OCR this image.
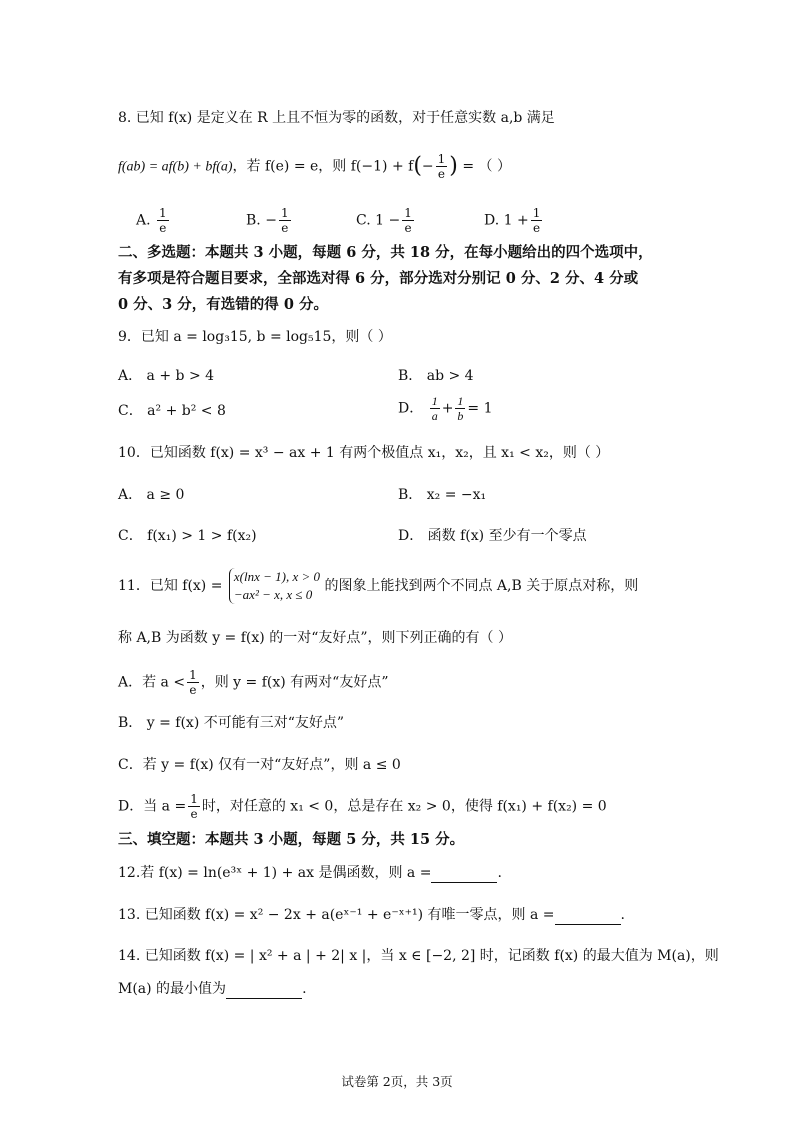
8. 已知 f(x) 是定义在 R 上且不恒为零的函数，对于任意实数 a,b 满足
f(ab) = af(b) + bf(a)，若 f(e) = e，则 $f(-1) + f(- \frac{1}{e}$ ) = （ ）
A. $\frac{1}{e}$	B. − $\frac{1}{e}$	C. $1 - \frac{1}{e}$	D. $1 + \frac{1}{e}$
二、多选题：本题共 3 小题，每题 6 分，共 18 分，在每小题给出的四个选项中，
有多项是符合题目要求，全部选对得 6 分，部分选对分别记 0 分、2 分、4 分或
0 分、3 分，有选错的得 0 分。
9．已知 a = log₃15, b = log₅15，则（ ）
A． a + b > 4	B． ab > 4
C． a² + b² < 8	D． $\frac{1}{a} + \frac{1}{b} = 1$
10．已知函数 f(x) = x³ − ax + 1 有两个极值点 x₁，x₂，且 x₁ < x₂，则（ ）
A． a ≥ 0	B． x₂ = −x₁
C． f(x₁) > 1 > f(x₂)	D． 函数 f(x) 至少有一个零点
11．已知 f(x) =
x(lnx − 1), x > 0
−ax² − x, x ≤ 0
的图象上能找到两个不同点 A,B 关于原点对称，则
称 A,B 为函数 y = f(x) 的一对“友好点”，则下列正确的有（ ）
A．若 $a < \frac{1}{e}$ ，则 y = f(x) 有两对“友好点”
B． y = f(x) 不可能有三对“友好点”
C．若 y = f(x) 仅有一对“友好点”，则 a ≤ 0
D．当 $a = \frac{1}{e}$ 时，对任意的 x₁ < 0，总是存在 x₂ > 0，使得 f(x₁) + f(x₂) = 0
三、填空题：本题共 3 小题，每题 5 分，共 15 分。
12.若 f(x) = ln(e³ˣ + 1) + ax 是偶函数，则 a =	.
13. 已知函数 f(x) = x² − 2x + a(eˣ⁻¹ + e⁻ˣ⁺¹) 有唯一零点，则 a =	.
14. 已知函数 f(x) = | x² + a | + 2| x |，当 x ∈ [−2, 2] 时，记函数 f(x) 的最大值为 M(a)，则
M(a) 的最小值为	.
试卷第 2页，共 3页
